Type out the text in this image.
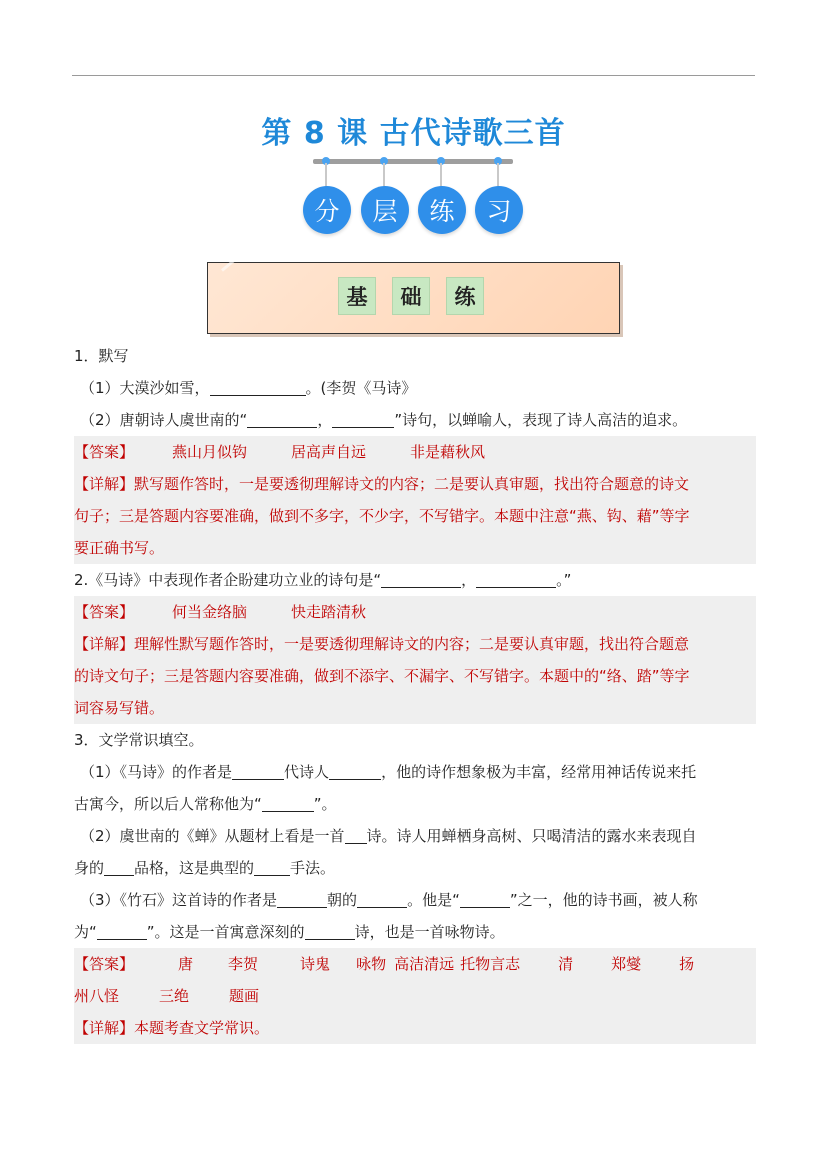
第 8 课 古代诗歌三首
分	层	练	习
基	础	练
1．默写
（1）大漠沙如雪，	。(李贺《马诗》
（2）唐朝诗人虞世南的“	，	”诗句，以蝉喻人，表现了诗人高洁的追求。
【答案】	燕山月似钩	居高声自远	非是藉秋风
【详解】默写题作答时，一是要透彻理解诗文的内容；二是要认真审题，找出符合题意的诗文
句子；三是答题内容要准确，做到不多字，不少字，不写错字。本题中注意“燕、钩、藉”等字
要正确书写。
2.《马诗》中表现作者企盼建功立业的诗句是“	，	。”
【答案】	何当金络脑	快走踏清秋
【详解】理解性默写题作答时，一是要透彻理解诗文的内容；二是要认真审题，找出符合题意
的诗文句子；三是答题内容要准确，做到不添字、不漏字、不写错字。本题中的“络、踏”等字
词容易写错。
3．文学常识填空。
（1）《马诗》的作者是	代诗人	，他的诗作想象极为丰富，经常用神话传说来托
古寓今，所以后人常称他为“	”。
（2）虞世南的《蝉》从题材上看是一首 诗。诗人用蝉栖身高树、只喝清洁的露水来表现自
身的 品格，这是典型的 手法。
（3）《竹石》这首诗的作者是	朝的	。他是“	”之一，他的诗书画，被人称
为“	”。这是一首寓意深刻的	诗，也是一首咏物诗。
【答案】	唐 李贺	诗鬼 咏物 高洁清远 托物言志	清	郑燮	扬
州八怪	三绝	题画
【详解】本题考查文学常识。
